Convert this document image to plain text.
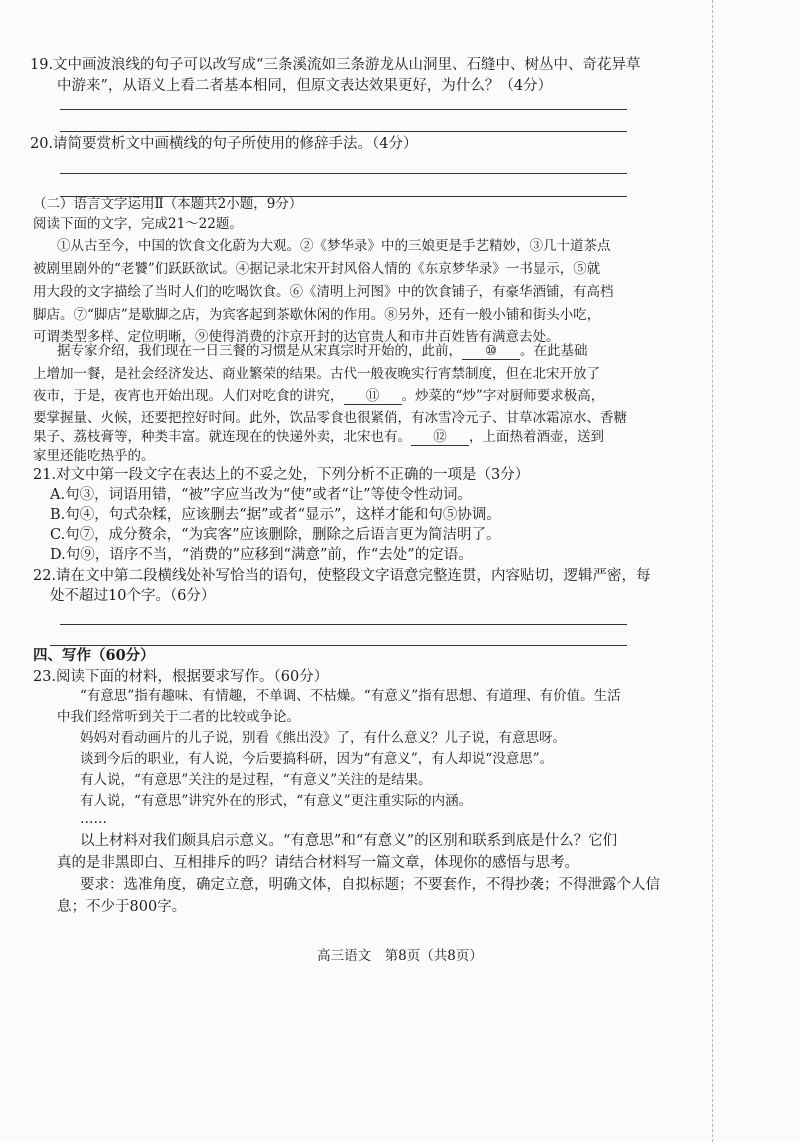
19.文中画波浪线的句子可以改写成“三条溪流如三条游龙从山洞里、石缝中、树丛中、奇花异草
中游来”，从语义上看二者基本相同，但原文表达效果更好，为什么？（4分）
20.请简要赏析文中画横线的句子所使用的修辞手法。（4分）
（二）语言文字运用Ⅱ（本题共2小题，9分）
阅读下面的文字，完成21～22题。
①从古至今，中国的饮食文化蔚为大观。②《梦华录》中的三娘更是手艺精妙，③几十道茶点
被剧里剧外的“老饕”们跃跃欲试。④据记录北宋开封风俗人情的《东京梦华录》一书显示，⑤就
用大段的文字描绘了当时人们的吃喝饮食。⑥《清明上河图》中的饮食铺子，有豪华酒铺，有高档
脚店。⑦“脚店”是歇脚之店，为宾客起到茶歇休闲的作用。⑧另外，还有一般小铺和街头小吃，
可谓类型多样、定位明晰，⑨使得消费的汴京开封的达官贵人和市井百姓皆有满意去处。
据专家介绍，我们现在一日三餐的习惯是从宋真宗时开始的，此前， ⑩ 。在此基础
上增加一餐，是社会经济发达、商业繁荣的结果。古代一般夜晚实行宵禁制度，但在北宋开放了
夜市，于是，夜宵也开始出现。人们对吃食的讲究， ⑪ 。炒菜的“炒”字对厨师要求极高，
要掌握量、火候，还要把控好时间。此外，饮品零食也很紧俏，有冰雪冷元子、甘草冰霜凉水、香糖
果子、荔枝膏等，种类丰富。就连现在的快递外卖，北宋也有。 ⑫ ，上面热着酒壶，送到
家里还能吃热乎的。
21.对文中第一段文字在表达上的不妥之处，下列分析不正确的一项是（3分）
A.句③，词语用错，“被”字应当改为“使”或者“让”等使令性动词。
B.句④，句式杂糅，应该删去“据”或者“显示”，这样才能和句⑤协调。
C.句⑦，成分赘余，“为宾客”应该删除，删除之后语言更为简洁明了。
D.句⑨，语序不当，“消费的”应移到“满意”前，作“去处”的定语。
22.请在文中第二段横线处补写恰当的语句，使整段文字语意完整连贯，内容贴切，逻辑严密，每
处不超过10个字。（6分）
四、写作（60分）
23.阅读下面的材料，根据要求写作。（60分）
“有意思”指有趣味、有情趣，不单调、不枯燥。“有意义”指有思想、有道理、有价值。生活
中我们经常听到关于二者的比较或争论。
妈妈对看动画片的儿子说，别看《熊出没》了，有什么意义？儿子说，有意思呀。
谈到今后的职业，有人说，今后要搞科研，因为“有意义”，有人却说“没意思”。
有人说，“有意思”关注的是过程，“有意义”关注的是结果。
有人说，“有意思”讲究外在的形式，“有意义”更注重实际的内涵。
……
以上材料对我们颇具启示意义。“有意思”和“有意义”的区别和联系到底是什么？它们
真的是非黑即白、互相排斥的吗？请结合材料写一篇文章，体现你的感悟与思考。
要求：选准角度，确定立意，明确文体，自拟标题；不要套作，不得抄袭；不得泄露个人信
息；不少于800字。
高三语文　第8页（共8页）
